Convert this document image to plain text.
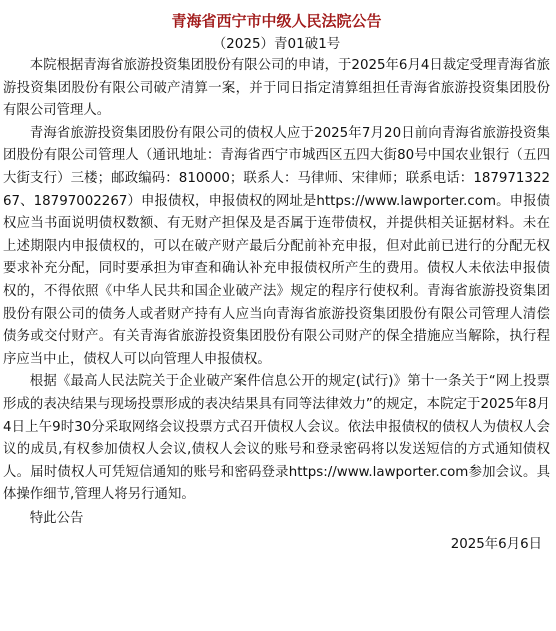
青海省西宁市中级人民法院公告
（2025）青01破1号

本院根据青海省旅游投资集团股份有限公司的申请，于2025年6月4日裁定受理青海省旅游投资集团股份有限公司破产清算一案，并于同日指定清算组担任青海省旅游投资集团股份有限公司管理人。

青海省旅游投资集团股份有限公司的债权人应于2025年7月20日前向青海省旅游投资集团股份有限公司管理人（通讯地址：青海省西宁市城西区五四大街80号中国农业银行（五四大街支行）三楼；邮政编码：810000；联系人：马律师、宋律师；联系电话：18797132267、18797002267）申报债权，申报债权的网址是https://www.lawporter.com。申报债权应当书面说明债权数额、有无财产担保及是否属于连带债权，并提供相关证据材料。未在上述期限内申报债权的，可以在破产财产最后分配前补充申报，但对此前已进行的分配无权要求补充分配，同时要承担为审查和确认补充申报债权所产生的费用。债权人未依法申报债权的，不得依照《中华人民共和国企业破产法》规定的程序行使权利。青海省旅游投资集团股份有限公司的债务人或者财产持有人应当向青海省旅游投资集团股份有限公司管理人清偿债务或交付财产。有关青海省旅游投资集团股份有限公司财产的保全措施应当解除，执行程序应当中止，债权人可以向管理人申报债权。

根据《最高人民法院关于企业破产案件信息公开的规定(试行)》第十一条关于“网上投票形成的表决结果与现场投票形成的表决结果具有同等法律效力”的规定，本院定于2025年8月4日上午9时30分采取网络会议投票方式召开债权人会议。依法申报债权的债权人为债权人会议的成员,有权参加债权人会议,债权人会议的账号和登录密码将以发送短信的方式通知债权人。届时债权人可凭短信通知的账号和密码登录https://www.lawporter.com参加会议。具体操作细节,管理人将另行通知。

特此公告

2025年6月6日
